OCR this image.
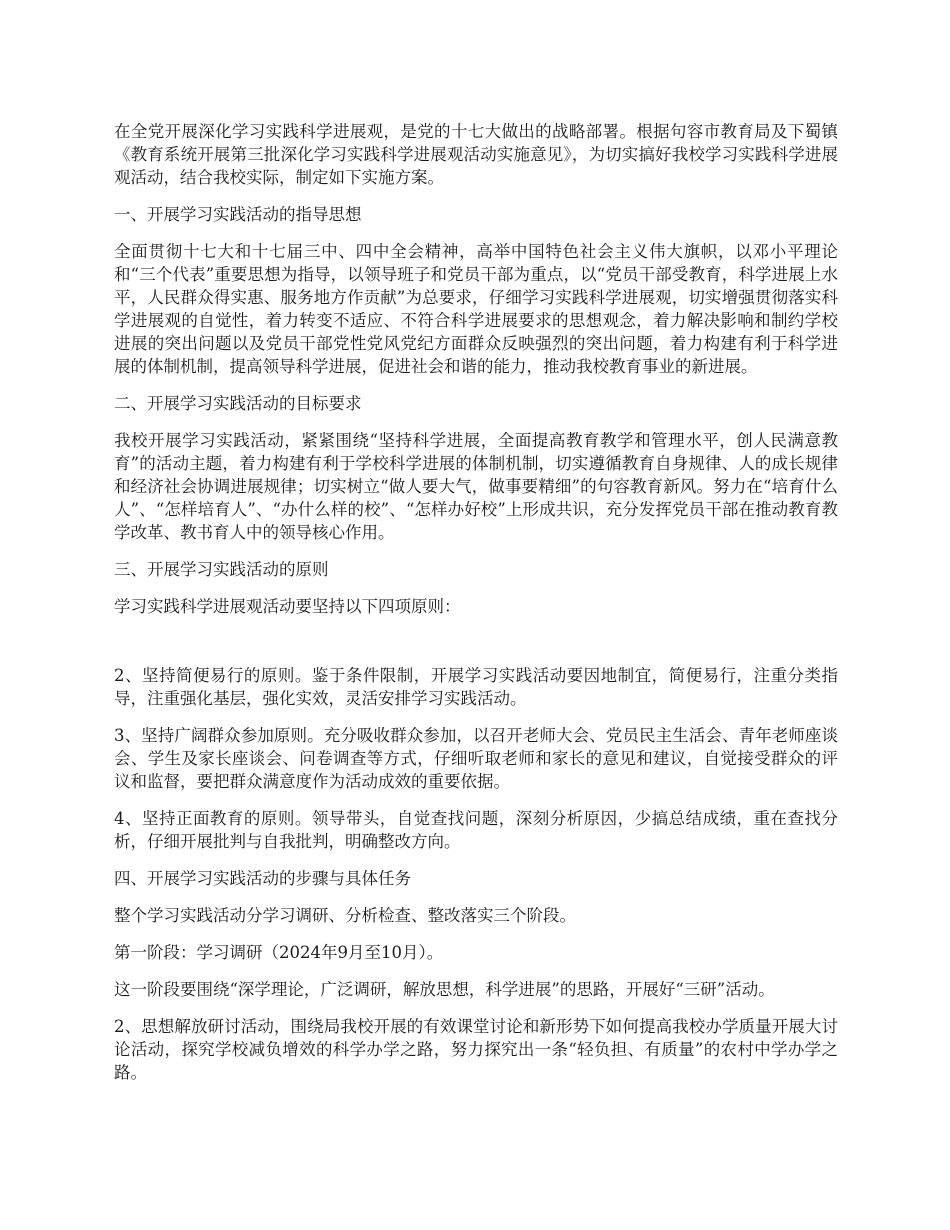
在全党开展深化学习实践科学进展观，是党的十七大做出的战略部署。根据句容市教育局及下蜀镇《教育系统开展第三批深化学习实践科学进展观活动实施意见》，为切实搞好我校学习实践科学进展观活动，结合我校实际，制定如下实施方案。

一、开展学习实践活动的指导思想

全面贯彻十七大和十七届三中、四中全会精神，高举中国特色社会主义伟大旗帜，以邓小平理论和“三个代表”重要思想为指导，以领导班子和党员干部为重点，以“党员干部受教育，科学进展上水平，人民群众得实惠、服务地方作贡献”为总要求，仔细学习实践科学进展观，切实增强贯彻落实科学进展观的自觉性，着力转变不适应、不符合科学进展要求的思想观念，着力解决影响和制约学校进展的突出问题以及党员干部党性党风党纪方面群众反映强烈的突出问题，着力构建有利于科学进展的体制机制，提高领导科学进展，促进社会和谐的能力，推动我校教育事业的新进展。

二、开展学习实践活动的目标要求

我校开展学习实践活动，紧紧围绕“坚持科学进展，全面提高教育教学和管理水平，创人民满意教育”的活动主题，着力构建有利于学校科学进展的体制机制，切实遵循教育自身规律、人的成长规律和经济社会协调进展规律；切实树立“做人要大气，做事要精细”的句容教育新风。努力在“培育什么人”、“怎样培育人”、“办什么样的校”、“怎样办好校”上形成共识，充分发挥党员干部在推动教育教学改革、教书育人中的领导核心作用。

三、开展学习实践活动的原则

学习实践科学进展观活动要坚持以下四项原则：

2、坚持简便易行的原则。鉴于条件限制，开展学习实践活动要因地制宜，简便易行，注重分类指导，注重强化基层，强化实效，灵活安排学习实践活动。

3、坚持广阔群众参加原则。充分吸收群众参加，以召开老师大会、党员民主生活会、青年老师座谈会、学生及家长座谈会、问卷调查等方式，仔细听取老师和家长的意见和建议，自觉接受群众的评议和监督，要把群众满意度作为活动成效的重要依据。

4、坚持正面教育的原则。领导带头，自觉查找问题，深刻分析原因，少搞总结成绩，重在查找分析，仔细开展批判与自我批判，明确整改方向。

四、开展学习实践活动的步骤与具体任务

整个学习实践活动分学习调研、分析检查、整改落实三个阶段。

第一阶段：学习调研（2024年9月至10月）。

这一阶段要围绕“深学理论，广泛调研，解放思想，科学进展”的思路，开展好“三研”活动。

2、思想解放研讨活动，围绕局我校开展的有效课堂讨论和新形势下如何提高我校办学质量开展大讨论活动，探究学校减负增效的科学办学之路，努力探究出一条“轻负担、有质量”的农村中学办学之路。
